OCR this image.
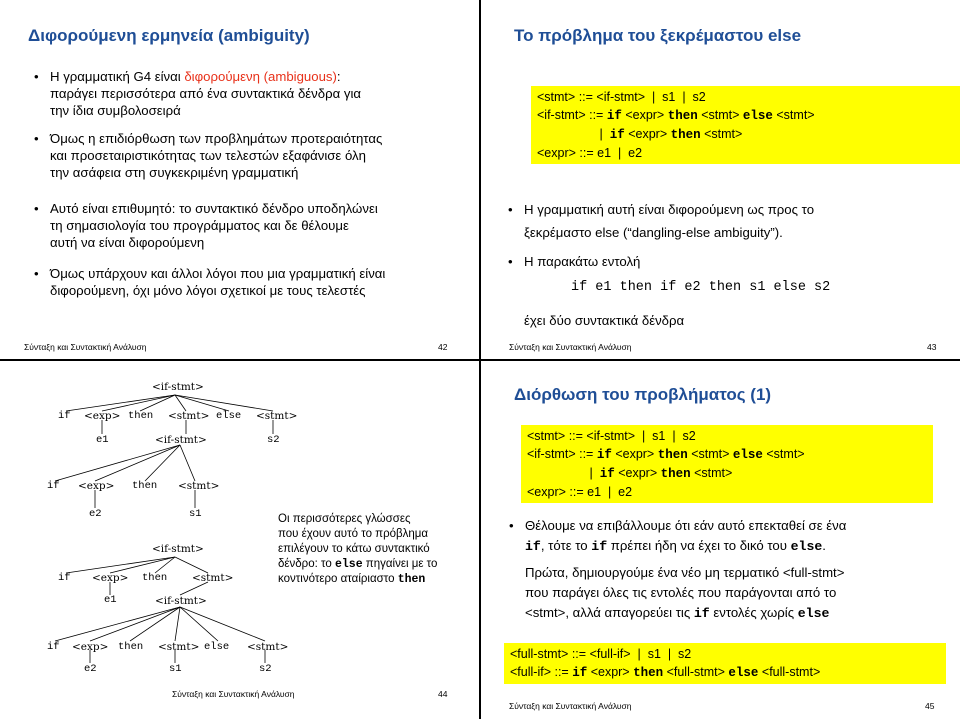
Διφορούμενη ερμηνεία (ambiguity)
• Η γραμματική G4 είναι διφορούμενη (ambiguous):
παράγει περισσότερα από ένα συντακτικά δένδρα για
την ίδια συμβολοσειρά
• Όμως η επιδιόρθωση των προβλημάτων προτεραιότητας
και προσεταιριστικότητας των τελεστών εξαφάνισε όλη
την ασάφεια στη συγκεκριμένη γραμματική
• Αυτό είναι επιθυμητό: το συντακτικό δένδρο υποδηλώνει
τη σημασιολογία του προγράμματος και δε θέλουμε
αυτή να είναι διφορούμενη
• Όμως υπάρχουν και άλλοι λόγοι που μια γραμματική είναι
διφορούμενη, όχι μόνο λόγοι σχετικοί με τους τελεστές
Σύνταξη και Συντακτική Ανάλυση	42
Το πρόβλημα του ξεκρέμαστου else
<stmt> ::= <if-stmt>  |  s1  |  s2
<if-stmt> ::= if <expr> then <stmt> else <stmt>
|  if <expr> then <stmt>
<expr> ::= e1  |  e2
• Η γραμματική αυτή είναι διφορούμενη ως προς το
ξεκρέμαστο else (“dangling-else ambiguity”).
• Η παρακάτω εντολή
if e1 then if e2 then s1 else s2
έχει δύο συντακτικά δένδρα
Σύνταξη και Συντακτική Ανάλυση	43
<if-stmt>
if <exp> then <stmt> else <stmt>
e1	<if-stmt>	s2
if <exp> then <stmt>
e2	s1
<if-stmt>
if <exp> then <stmt>
e1	<if-stmt>
if <exp> then <stmt> else <stmt>
e2	s1	s2
Οι περισσότερες γλώσσες
που έχουν αυτό το πρόβλημα
επιλέγουν το κάτω συντακτικό
δένδρο: το else πηγαίνει με το
κοντινότερο αταίριαστο then
Σύνταξη και Συντακτική Ανάλυση	44
Διόρθωση του προβλήματος (1)
<stmt> ::= <if-stmt>  |  s1  |  s2
<if-stmt> ::= if <expr> then <stmt> else <stmt>
|  if <expr> then <stmt>
<expr> ::= e1  |  e2
• Θέλουμε να επιβάλλουμε ότι εάν αυτό επεκταθεί σε ένα
if, τότε το if πρέπει ήδη να έχει το δικό του else.
Πρώτα, δημιουργούμε ένα νέο μη τερματικό <full-stmt>
που παράγει όλες τις εντολές που παράγονται από το
<stmt>, αλλά απαγορεύει τις if εντολές χωρίς else
<full-stmt> ::= <full-if>  |  s1  |  s2
<full-if> ::= if <expr> then <full-stmt> else <full-stmt>
Σύνταξη και Συντακτική Ανάλυση	45
